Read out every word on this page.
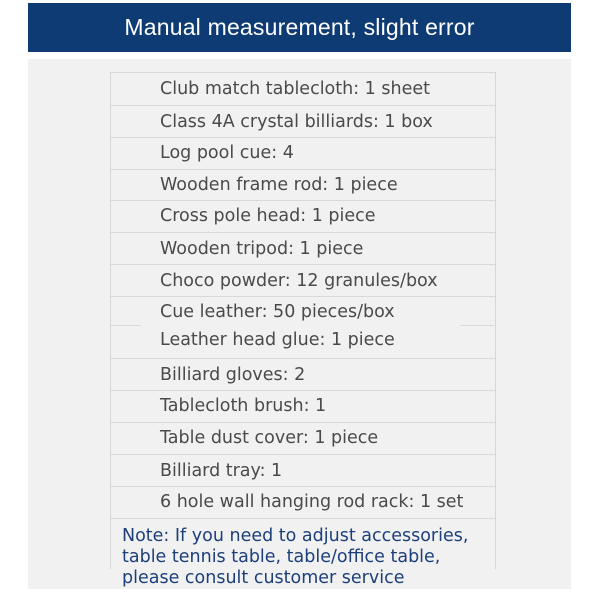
Manual measurement, slight error
Club match tablecloth: 1 sheet
Class 4A crystal billiards: 1 box
Log pool cue: 4
Wooden frame rod: 1 piece
Cross pole head: 1 piece
Wooden tripod: 1 piece
Choco powder: 12 granules/box
Cue leather: 50 pieces/box
Leather head glue: 1 piece
Billiard gloves: 2
Tablecloth brush: 1
Table dust cover: 1 piece
Billiard tray: 1
6 hole wall hanging rod rack: 1 set
Note: If you need to adjust accessories,
table tennis table, table/office table,
please consult customer service
